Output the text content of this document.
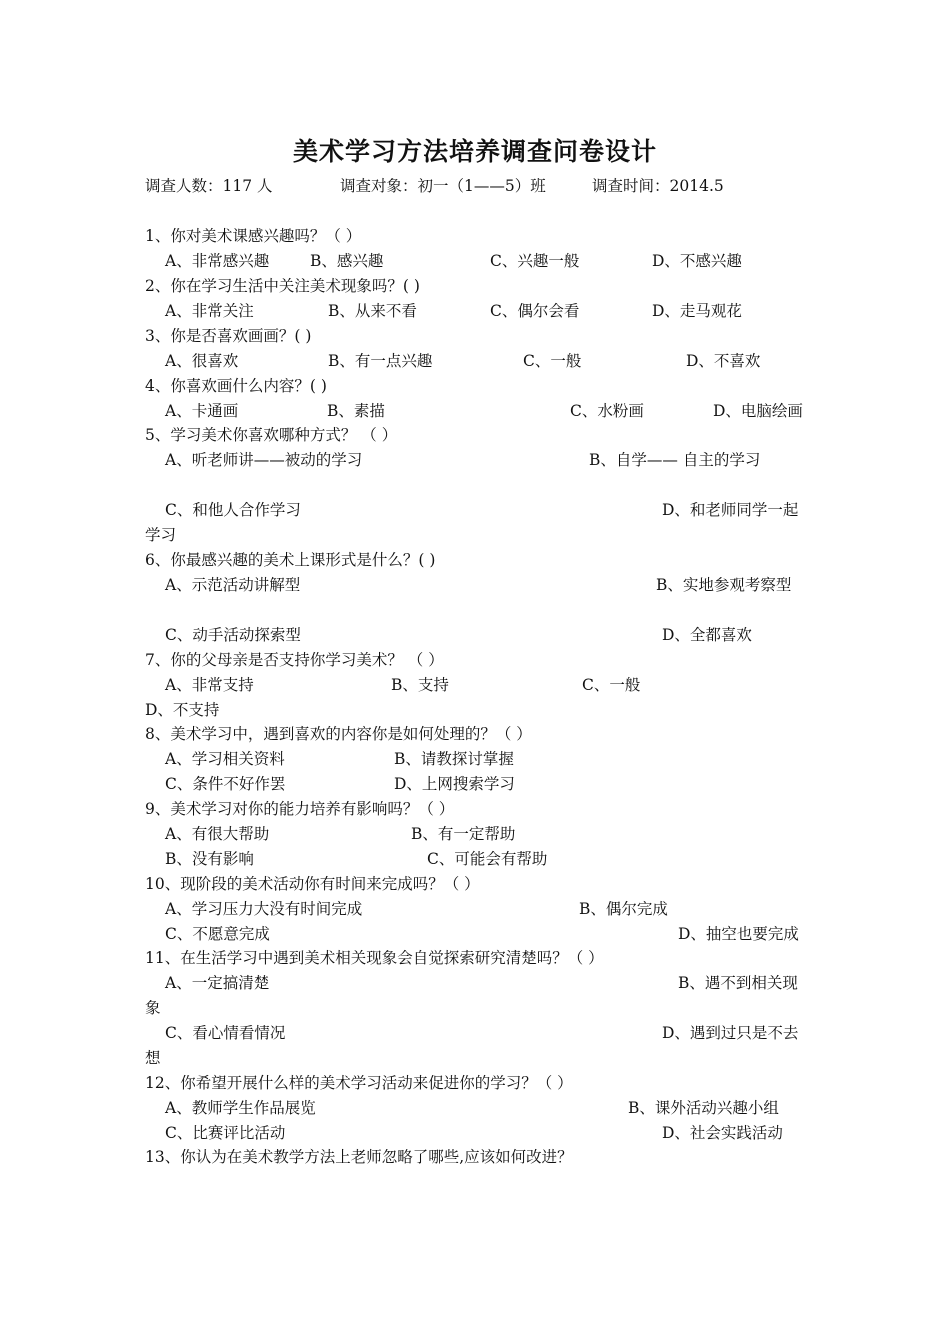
美术学习方法培养调查问卷设计

调查人数：117 人	调查对象：初一（1——5）班	调查时间：2014.5

1、你对美术课感兴趣吗？（ ）

A、非常感兴趣	B、感兴趣	C、兴趣一般	D、不感兴趣

2、你在学习生活中关注美术现象吗？( )

A、非常关注	B、从来不看	C、偶尔会看	D、走马观花

3、你是否喜欢画画？( )

A、很喜欢	B、有一点兴趣	C、一般	D、不喜欢

4、你喜欢画什么内容？( )

A、卡通画	B、素描	C、水粉画	D、电脑绘画

5、学习美术你喜欢哪种方式？ （ ）

A、听老师讲——被动的学习	B、自学—— 自主的学习

C、和他人合作学习	D、和老师同学一起

学习

6、你最感兴趣的美术上课形式是什么？( )

A、示范活动讲解型	B、实地参观考察型

C、动手活动探索型	D、全都喜欢

7、你的父母亲是否支持你学习美术？ （ ）

A、非常支持	B、支持	C、一般

D、不支持

8、美术学习中，遇到喜欢的内容你是如何处理的？（ ）

A、学习相关资料	B、请教探讨掌握

C、条件不好作罢	D、上网搜索学习

9、美术学习对你的能力培养有影响吗？（ ）

A、有很大帮助	B、有一定帮助

B、没有影响	C、可能会有帮助

10、现阶段的美术活动你有时间来完成吗？（ ）

A、学习压力大没有时间完成	B、偶尔完成

C、不愿意完成	D、抽空也要完成

11、在生活学习中遇到美术相关现象会自觉探索研究清楚吗？（ ）

A、一定搞清楚	B、遇不到相关现

象

C、看心情看情况	D、遇到过只是不去

想

12、你希望开展什么样的美术学习活动来促进你的学习？（ ）

A、教师学生作品展览	B、课外活动兴趣小组

C、比赛评比活动	D、社会实践活动

13、你认为在美术教学方法上老师忽略了哪些,应该如何改进？
